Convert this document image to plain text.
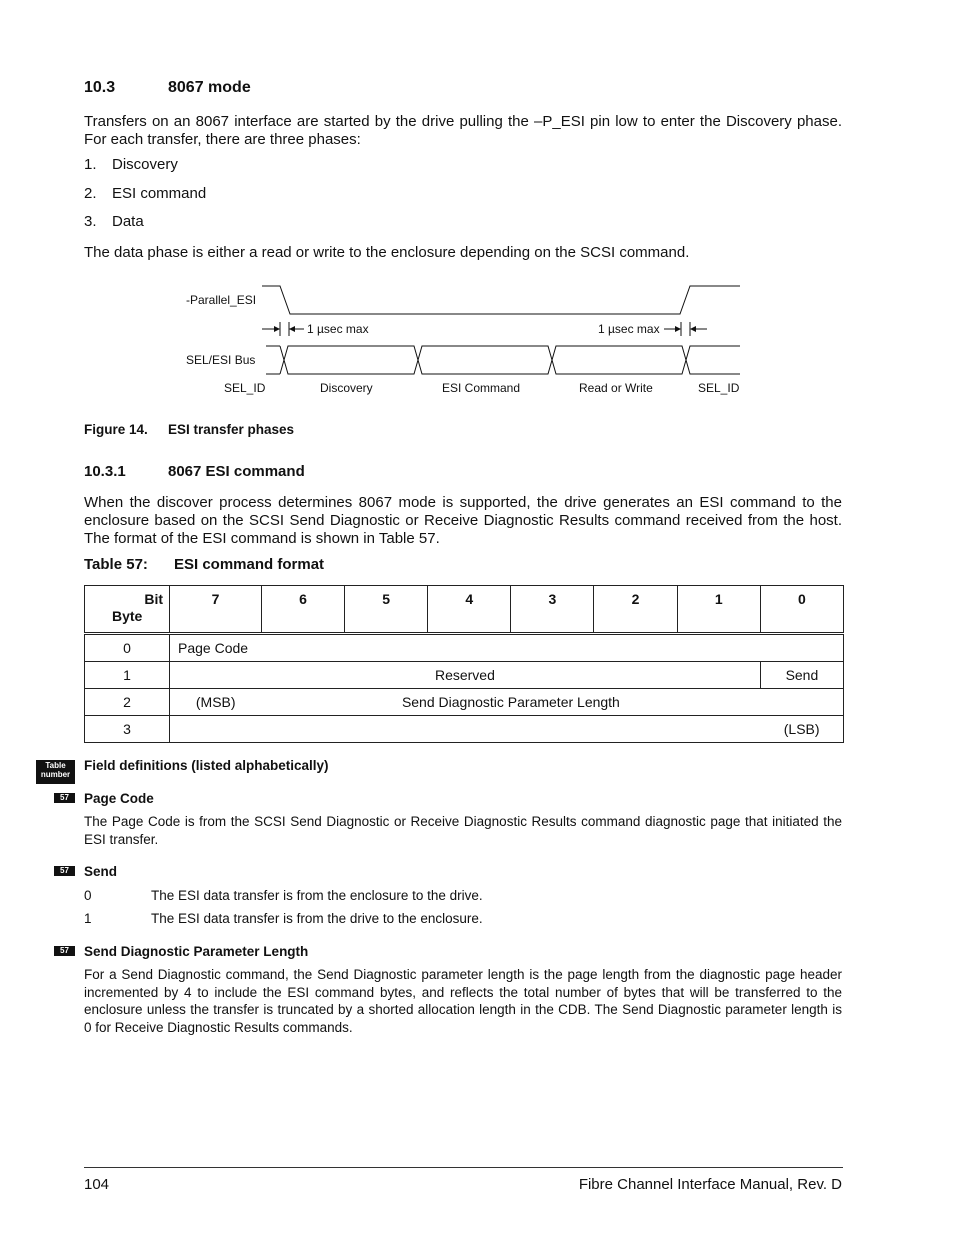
10.3	8067 mode
Transfers on an 8067 interface are started by the drive pulling the –P_ESI pin low to enter the Discovery phase. For each transfer, there are three phases:
1. Discovery
2. ESI command
3. Data
The data phase is either a read or write to the enclosure depending on the SCSI command.
-Parallel_ESI
SEL/ESI Bus
1 µsec max	1 µsec max
SEL_ID	Discovery	ESI Command	Read or Write	SEL_ID
Figure 14. ESI transfer phases
10.3.1	8067 ESI command
When the discover process determines 8067 mode is supported, the drive generates an ESI command to the enclosure based on the SCSI Send Diagnostic or Receive Diagnostic Results command received from the host. The format of the ESI command is shown in Table 57.
Table 57: ESI command format
Bit
Byte	7	6	5	4	3	2	1	0
0	Page Code							
1	Reserved							Send
2	(MSB)	Send Diagnostic Parameter Length						
3								(LSB)
Table number
Field definitions (listed alphabetically)
57	Page Code
The Page Code is from the SCSI Send Diagnostic or Receive Diagnostic Results command diagnostic page that initiated the ESI transfer.
57	Send
0	The ESI data transfer is from the enclosure to the drive.
1	The ESI data transfer is from the drive to the enclosure.
57	Send Diagnostic Parameter Length
For a Send Diagnostic command, the Send Diagnostic parameter length is the page length from the diagnostic page header incremented by 4 to include the ESI command bytes, and reflects the total number of bytes that will be transferred to the enclosure unless the transfer is truncated by a shorted allocation length in the CDB. The Send Diagnostic parameter length is 0 for Receive Diagnostic Results commands.
104	Fibre Channel Interface Manual, Rev. D
